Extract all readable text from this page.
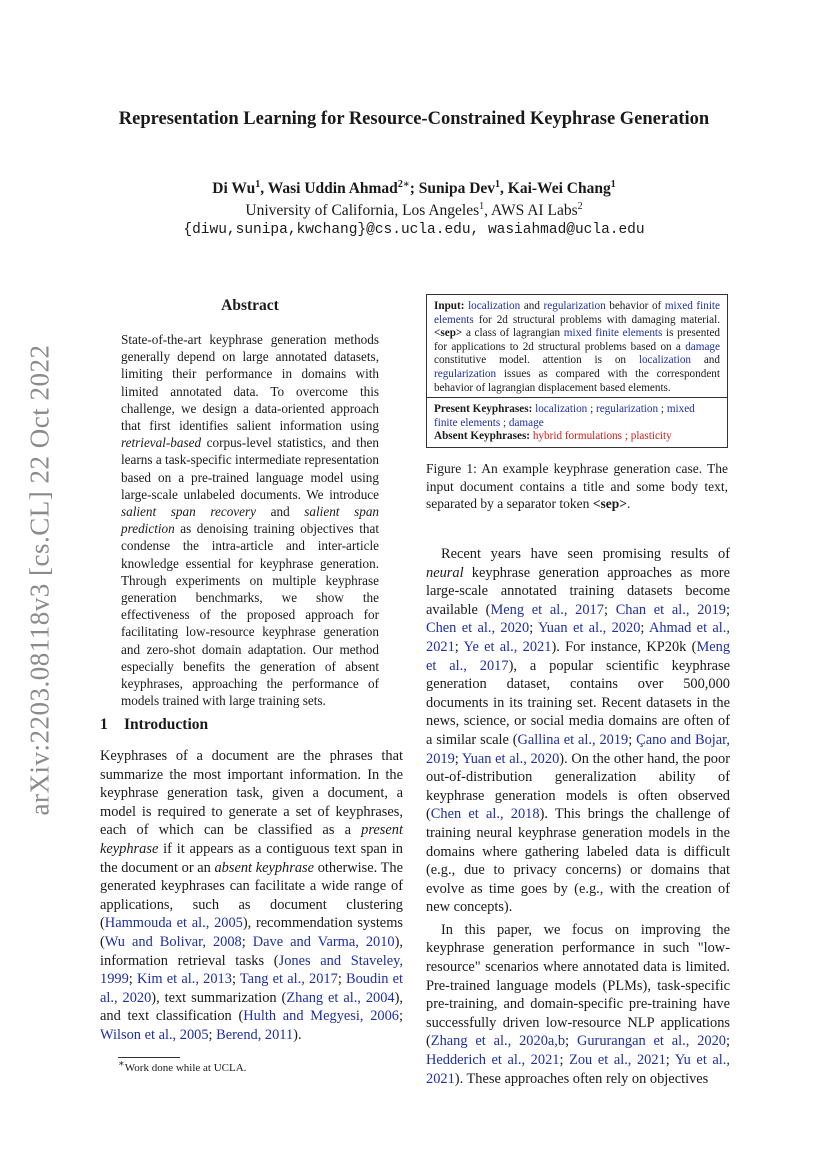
arXiv:2203.08118v3 [cs.CL] 22 Oct 2022
Representation Learning for Resource-Constrained Keyphrase Generation
Di Wu$^1$, Wasi Uddin Ahmad$^{2∗}$; Sunipa Dev$^1$, Kai-Wei Chang$^1$
University of California, Los Angeles$^1$, AWS AI Labs$^2$
{diwu,sunipa,kwchang}@cs.ucla.edu, wasiahmad@ucla.edu
Abstract

State-of-the-art keyphrase generation methods generally depend on large annotated datasets, limiting their performance in domains with limited annotated data. To overcome this challenge, we design a data-oriented approach that first identifies salient information using retrieval-based corpus-level statistics, and then learns a task-specific intermediate representation based on a pre-trained language model using large-scale unlabeled documents. We introduce salient span recovery and salient span prediction as denoising training objectives that condense the intra-article and inter-article knowledge essential for keyphrase generation. Through experiments on multiple keyphrase generation benchmarks, we show the effectiveness of the proposed approach for facilitating low-resource keyphrase generation and zero-shot domain adaptation. Our method especially benefits the generation of absent keyphrases, approaching the performance of models trained with large training sets.

1 Introduction

Keyphrases of a document are the phrases that summarize the most important information. In the keyphrase generation task, given a document, a model is required to generate a set of keyphrases, each of which can be classified as a present keyphrase if it appears as a contiguous text span in the document or an absent keyphrase otherwise. The generated keyphrases can facilitate a wide range of applications, such as document clustering (Hammouda et al., 2005), recommendation systems (Wu and Bolivar, 2008; Dave and Varma, 2010), information retrieval tasks (Jones and Staveley, 1999; Kim et al., 2013; Tang et al., 2017; Boudin et al., 2020), text summarization (Zhang et al., 2004), and text classification (Hulth and Megyesi, 2006; Wilson et al., 2005; Berend, 2011).

∗Work done while at UCLA.
Input: localization and regularization behavior of mixed finite elements for 2d structural problems with damaging material. <sep> a class of lagrangian mixed finite elements is presented for applications to 2d structural problems based on a damage constitutive model. attention is on localization and regularization issues as compared with the correspondent behavior of lagrangian displacement based elements.
Present Keyphrases: localization ; regularization ; mixed finite elements ; damage
Absent Keyphrases: hybrid formulations ; plasticity
Figure 1: An example keyphrase generation case. The input document contains a title and some body text, separated by a separator token <sep>.

Recent years have seen promising results of neural keyphrase generation approaches as more large-scale annotated training datasets become available (Meng et al., 2017; Chan et al., 2019; Chen et al., 2020; Yuan et al., 2020; Ahmad et al., 2021; Ye et al., 2021). For instance, KP20k (Meng et al., 2017), a popular scientific keyphrase generation dataset, contains over 500,000 documents in its training set. Recent datasets in the news, science, or social media domains are often of a similar scale (Gallina et al., 2019; Çano and Bojar, 2019; Yuan et al., 2020). On the other hand, the poor out-of-distribution generalization ability of keyphrase generation models is often observed (Chen et al., 2018). This brings the challenge of training neural keyphrase generation models in the domains where gathering labeled data is difficult (e.g., due to privacy concerns) or domains that evolve as time goes by (e.g., with the creation of new concepts).

In this paper, we focus on improving the keyphrase generation performance in such "low-resource" scenarios where annotated data is limited. Pre-trained language models (PLMs), task-specific pre-training, and domain-specific pre-training have successfully driven low-resource NLP applications (Zhang et al., 2020a,b; Gururangan et al., 2020; Hedderich et al., 2021; Zou et al., 2021; Yu et al., 2021). These approaches often rely on objectives
